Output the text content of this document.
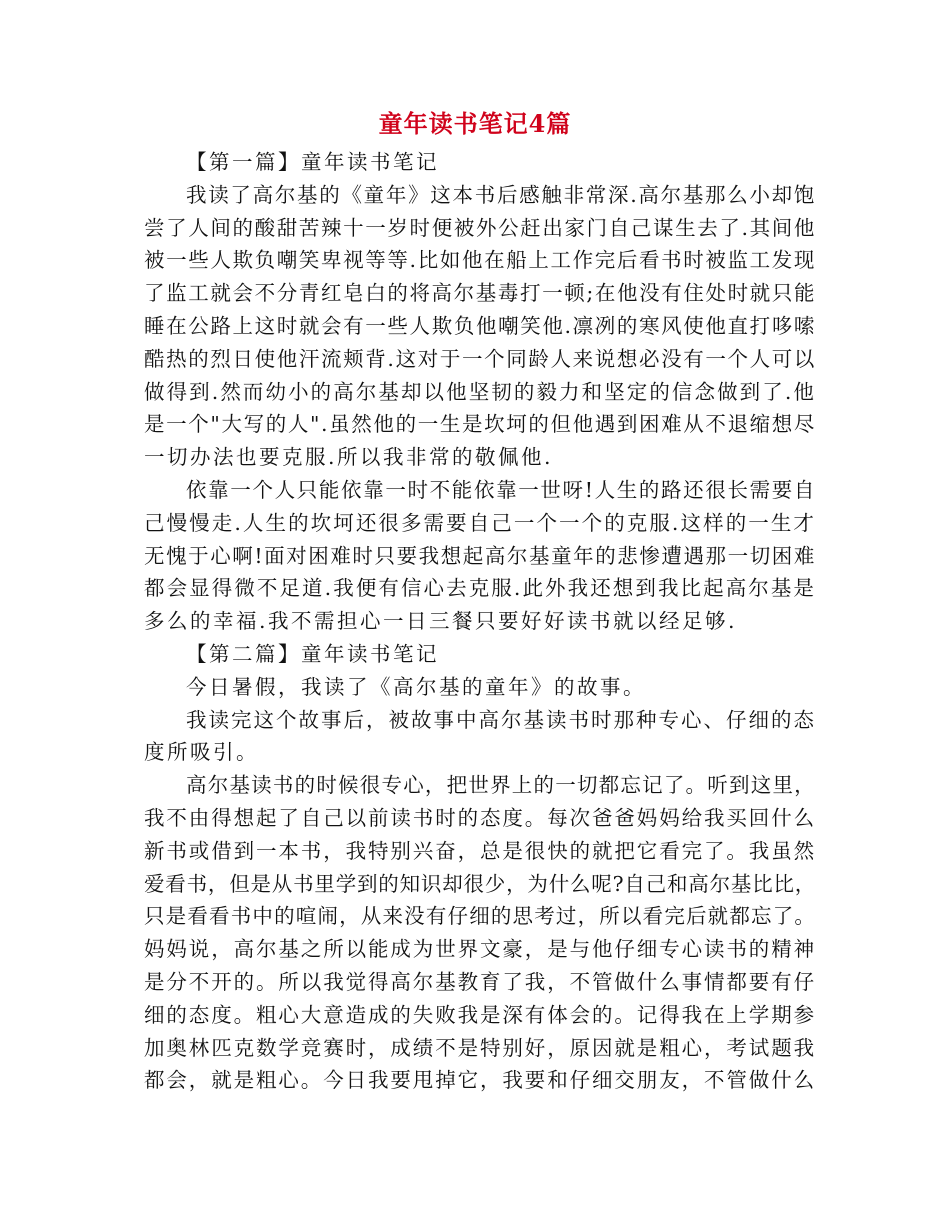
童年读书笔记4篇
【第一篇】童年读书笔记
我读了高尔基的《童年》这本书后感触非常深.高尔基那么小却饱
尝了人间的酸甜苦辣十一岁时便被外公赶出家门自己谋生去了.其间他
被一些人欺负嘲笑卑视等等.比如他在船上工作完后看书时被监工发现
了监工就会不分青红皂白的将高尔基毒打一顿;在他没有住处时就只能
睡在公路上这时就会有一些人欺负他嘲笑他.凛冽的寒风使他直打哆嗦
酷热的烈日使他汗流颊背.这对于一个同龄人来说想必没有一个人可以
做得到.然而幼小的高尔基却以他坚韧的毅力和坚定的信念做到了.他
是一个"大写的人".虽然他的一生是坎坷的但他遇到困难从不退缩想尽
一切办法也要克服.所以我非常的敬佩他.
依靠一个人只能依靠一时不能依靠一世呀!人生的路还很长需要自
己慢慢走.人生的坎坷还很多需要自己一个一个的克服.这样的一生才
无愧于心啊!面对困难时只要我想起高尔基童年的悲惨遭遇那一切困难
都会显得微不足道.我便有信心去克服.此外我还想到我比起高尔基是
多么的幸福.我不需担心一日三餐只要好好读书就以经足够.
【第二篇】童年读书笔记
今日暑假，我读了《高尔基的童年》的故事。
我读完这个故事后，被故事中高尔基读书时那种专心、仔细的态
度所吸引。
高尔基读书的时候很专心，把世界上的一切都忘记了。听到这里，
我不由得想起了自己以前读书时的态度。每次爸爸妈妈给我买回什么
新书或借到一本书，我特别兴奋，总是很快的就把它看完了。我虽然
爱看书，但是从书里学到的知识却很少，为什么呢?自己和高尔基比比，
只是看看书中的喧闹，从来没有仔细的思考过，所以看完后就都忘了。
妈妈说，高尔基之所以能成为世界文豪，是与他仔细专心读书的精神
是分不开的。所以我觉得高尔基教育了我，不管做什么事情都要有仔
细的态度。粗心大意造成的失败我是深有体会的。记得我在上学期参
加奥林匹克数学竞赛时，成绩不是特别好，原因就是粗心，考试题我
都会，就是粗心。今日我要甩掉它，我要和仔细交朋友，不管做什么
